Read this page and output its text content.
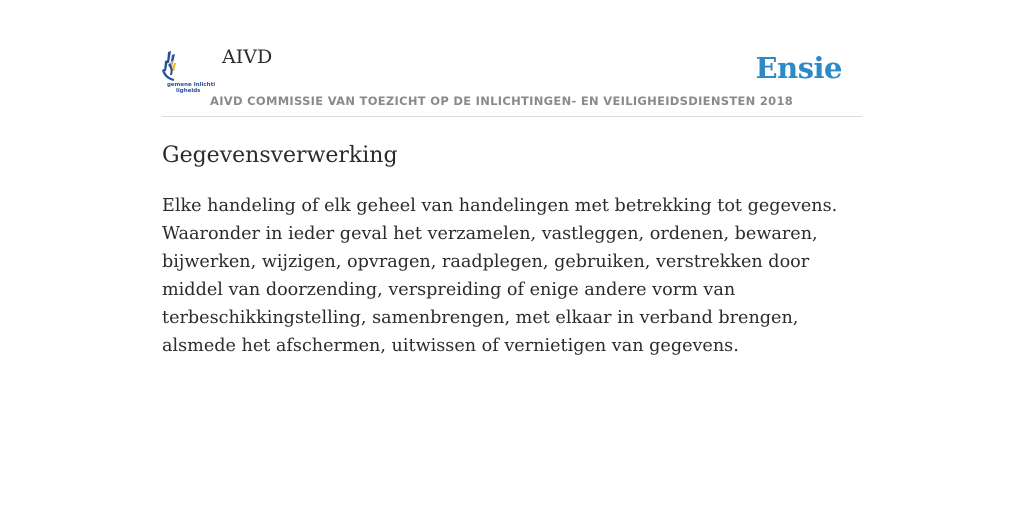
gemene Inlichti
ligheids
AIVD	Ensie
AIVD COMMISSIE VAN TOEZICHT OP DE INLICHTINGEN- EN VEILIGHEIDSDIENSTEN 2018
Gegevensverwerking

Elke handeling of elk geheel van handelingen met betrekking tot gegevens. Waaronder in ieder geval het verzamelen, vastleggen, ordenen, bewaren, bijwerken, wijzigen, opvragen, raadplegen, gebruiken, verstrekken door middel van doorzending, verspreiding of enige andere vorm van terbeschikkingstelling, samenbrengen, met elkaar in verband brengen, alsmede het afschermen, uitwissen of vernietigen van gegevens.
